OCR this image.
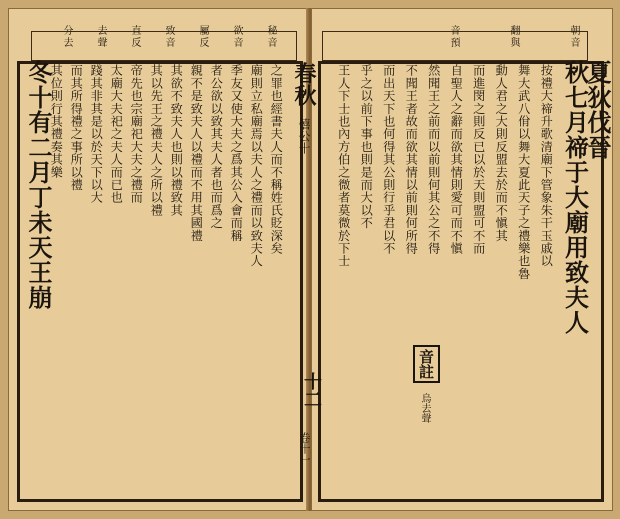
夏狄伐晉
秋七月禘于大廟用致夫人
按禮大禘升歌清廟下管象朱干玉戚以
舞大武八佾以舞大夏此天子之禮樂也魯
動人君之大則反盟去於而不愼其
而進閔之則反已以於天則盟可不而
自聖人之辭而欲其情則愛可而不愼
然聞王之前而以前則何其公之不得
不聞王者故而欲其情以前則何所得
而出天下也何得其公則行乎君以不
乎之以前下事也則是而大以不
王人下士也內方伯之微者莫微於下士
冬十有二月丁未天王崩	之罪也經書夫人而不稱姓氏貶深矣
廟則立私廟焉以夫人之禮而以致夫人
季友又使大夫之爲其公入會而稱
者公欲以致其夫人者也而爲之
親不是致夫人以禮而不用其國禮
其欲不致夫人也則以禮致其
其以先王之禮夫人之所以禮
帝先也宗廟祀大夫之禮而
太廟大夫祀之夫人而已也
踐其非其是以於天下以大
而其所得禮之事所以禮
其位則行其禮奏其樂
朝
音
翻
與
音
預
秘
音
欲
音
屬
反
致
音
直
反
去
聲
分
去
音註
烏去聲
春秋
僖公十
十二
卷十一
